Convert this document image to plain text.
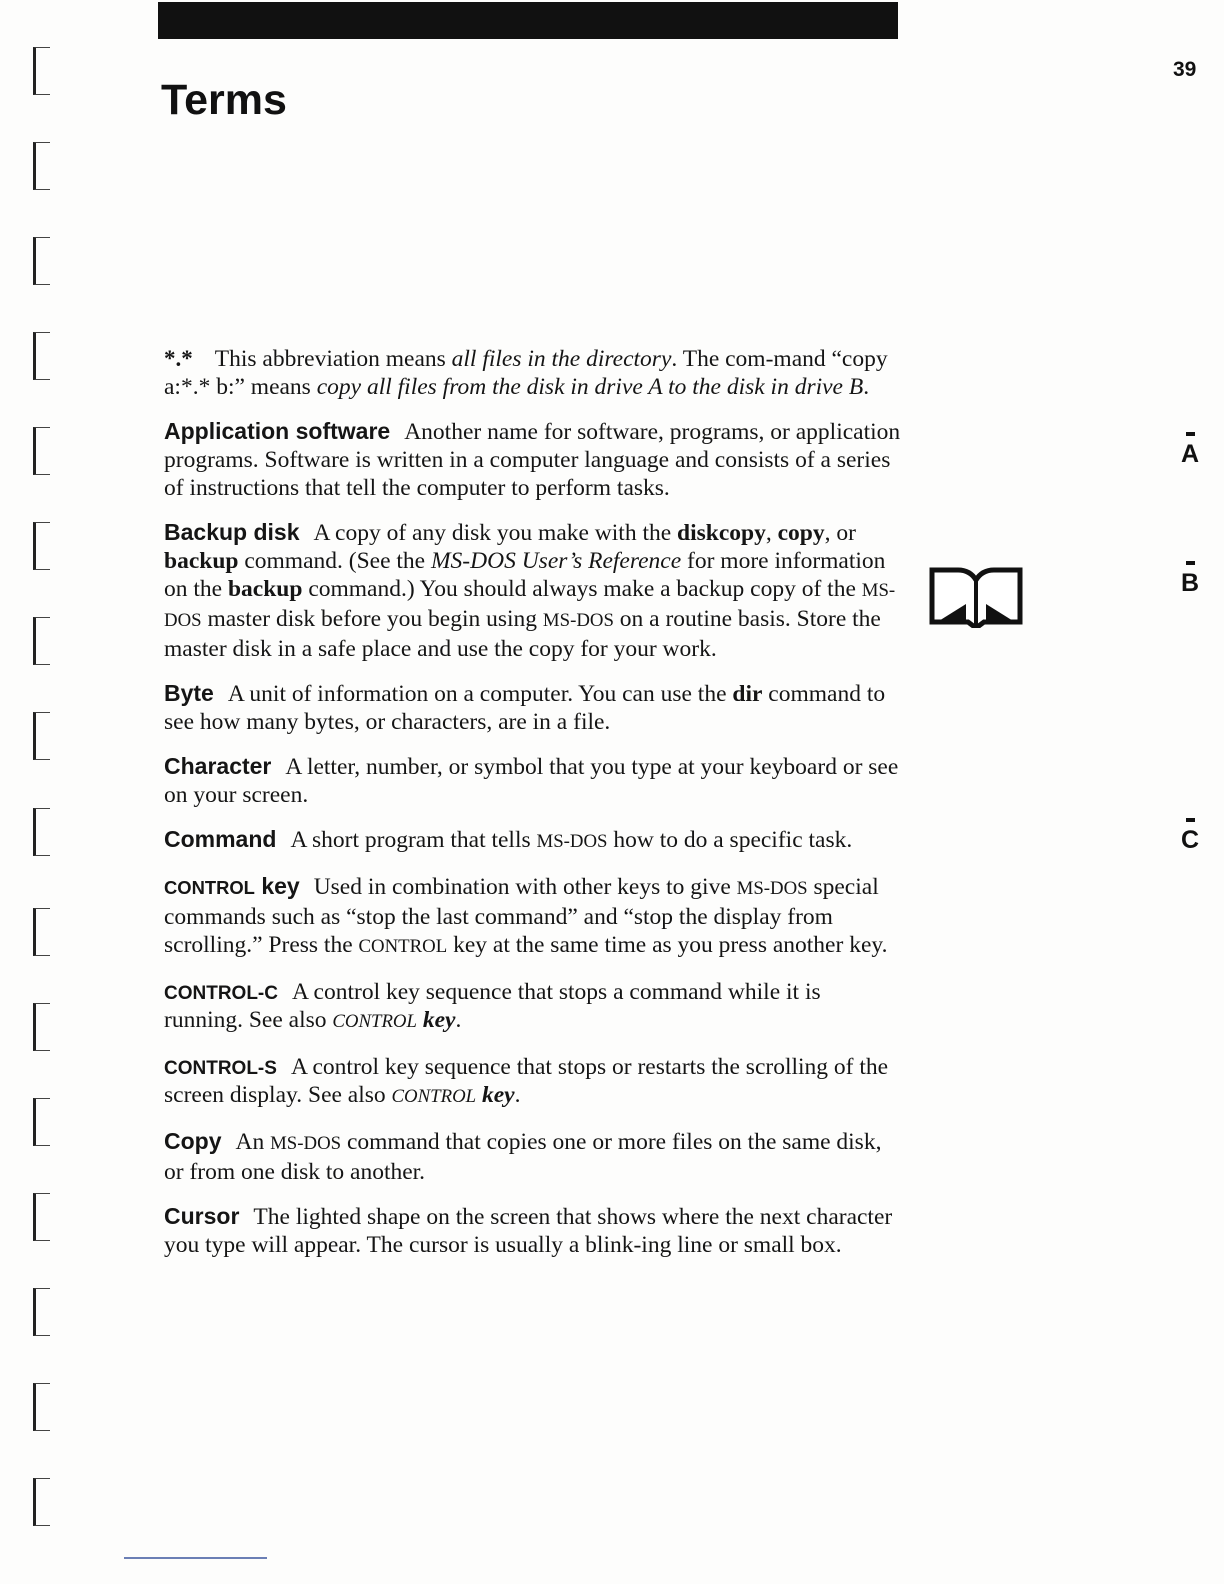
39
Terms
A
B
C

*.* This abbreviation means all files in the directory. The com-mand “copy a:*.* b:” means copy all files from the disk in drive A to the disk in drive B.

Application software Another name for software, programs, or application programs. Software is written in a computer language and consists of a series of instructions that tell the computer to perform tasks.

Backup disk A copy of any disk you make with the diskcopy, copy, or backup command. (See the MS-DOS User’s Reference for more information on the backup command.) You should always make a backup copy of the MS-DOS master disk before you begin using MS-DOS on a routine basis. Store the master disk in a safe place and use the copy for your work.

Byte A unit of information on a computer. You can use the dir command to see how many bytes, or characters, are in a file.

Character A letter, number, or symbol that you type at your keyboard or see on your screen.

Command A short program that tells MS-DOS how to do a specific task.

CONTROL key Used in combination with other keys to give MS-DOS special commands such as “stop the last command” and “stop the display from scrolling.” Press the CONTROL key at the same time as you press another key.

CONTROL-C A control key sequence that stops a command while it is running. See also CONTROL key.

CONTROL-S A control key sequence that stops or restarts the scrolling of the screen display. See also CONTROL key.

Copy An MS-DOS command that copies one or more files on the same disk, or from one disk to another.

Cursor The lighted shape on the screen that shows where the next character you type will appear. The cursor is usually a blink-ing line or small box.
